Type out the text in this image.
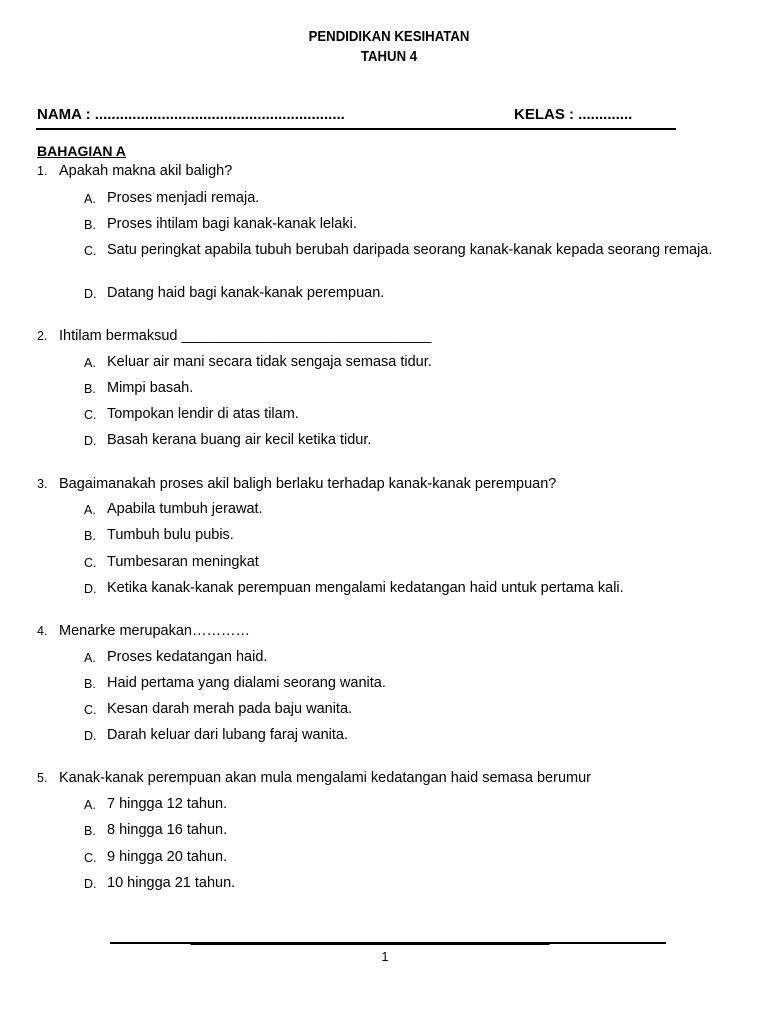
PENDIDIKAN KESIHATAN
TAHUN 4
NAMA : ............................................................	KELAS : .............
BAHAGIAN A
1. Apakah makna akil baligh?
A. Proses menjadi remaja.
B. Proses ihtilam bagi kanak-kanak lelaki.
C. Satu peringkat apabila tubuh berubah daripada seorang kanak-kanak kepada seorang remaja.
D. Datang haid bagi kanak-kanak perempuan.
2. Ihtilam bermaksud _______________________________
A. Keluar air mani secara tidak sengaja semasa tidur.
B. Mimpi basah.
C. Tompokan lendir di atas tilam.
D. Basah kerana buang air kecil ketika tidur.
3. Bagaimanakah proses akil baligh berlaku terhadap kanak-kanak perempuan?
A. Apabila tumbuh jerawat.
B. Tumbuh bulu pubis.
C. Tumbesaran meningkat
D. Ketika kanak-kanak perempuan mengalami kedatangan haid untuk pertama kali.
4. Menarke merupakan…………
A. Proses kedatangan haid.
B. Haid pertama yang dialami seorang wanita.
C. Kesan darah merah pada baju wanita.
D. Darah keluar dari lubang faraj wanita.
5. Kanak-kanak perempuan akan mula mengalami kedatangan haid semasa berumur
A. 7 hingga 12 tahun.
B. 8 hingga 16 tahun.
C. 9 hingga 20 tahun.
D. 10 hingga 21 tahun.
1
